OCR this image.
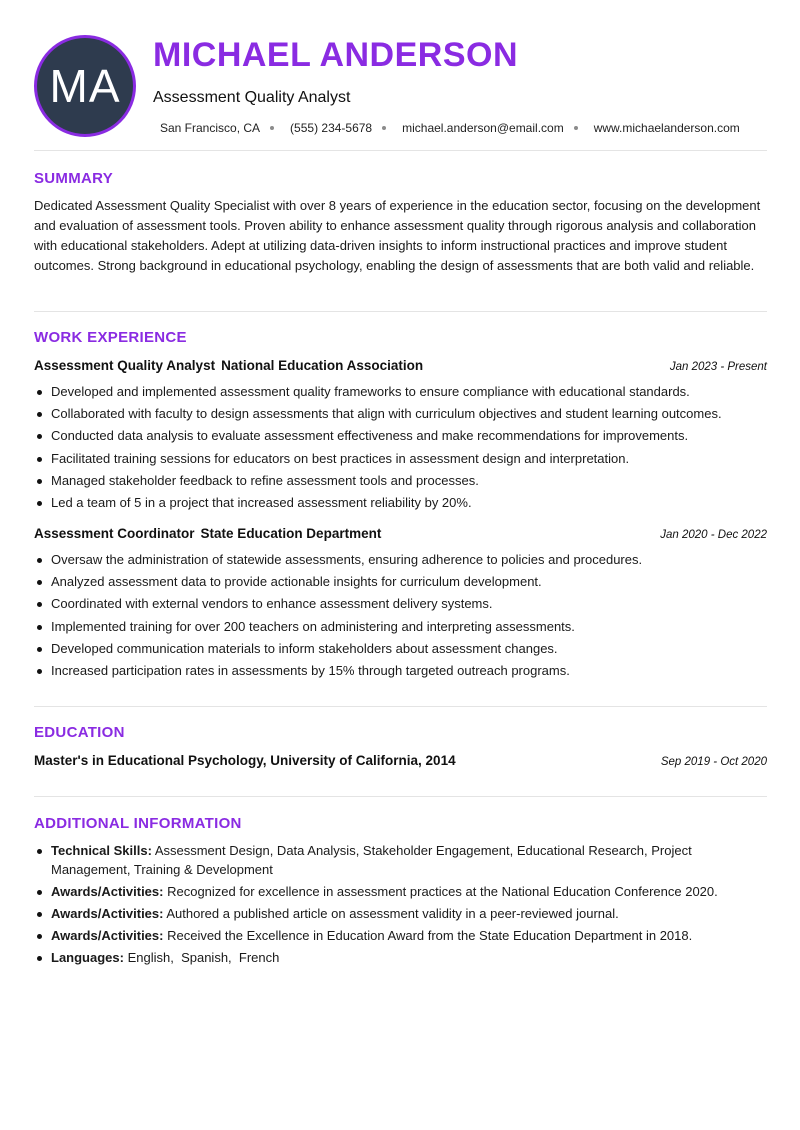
MA
MICHAEL ANDERSON
Assessment Quality Analyst
San Francisco, CA	(555) 234-5678	michael.anderson@email.com	www.michaelanderson.com
SUMMARY

Dedicated Assessment Quality Specialist with over 8 years of experience in the education sector, focusing on the development and evaluation of assessment tools. Proven ability to enhance assessment quality through rigorous analysis and collaboration with educational stakeholders. Adept at utilizing data-driven insights to inform instructional practices and improve student outcomes. Strong background in educational psychology, enabling the design of assessments that are both valid and reliable.

WORK EXPERIENCE
Assessment Quality Analyst National Education Association	Jan 2023 - Present
Developed and implemented assessment quality frameworks to ensure compliance with educational standards.
Collaborated with faculty to design assessments that align with curriculum objectives and student learning outcomes.
Conducted data analysis to evaluate assessment effectiveness and make recommendations for improvements.
Facilitated training sessions for educators on best practices in assessment design and interpretation.
Managed stakeholder feedback to refine assessment tools and processes.
Led a team of 5 in a project that increased assessment reliability by 20%.
Assessment Coordinator State Education Department	Jan 2020 - Dec 2022
Oversaw the administration of statewide assessments, ensuring adherence to policies and procedures.
Analyzed assessment data to provide actionable insights for curriculum development.
Coordinated with external vendors to enhance assessment delivery systems.
Implemented training for over 200 teachers on administering and interpreting assessments.
Developed communication materials to inform stakeholders about assessment changes.
Increased participation rates in assessments by 15% through targeted outreach programs.
EDUCATION
Master's in Educational Psychology, University of California, 2014	Sep 2019 - Oct 2020
ADDITIONAL INFORMATION
Technical Skills: Assessment Design, Data Analysis, Stakeholder Engagement, Educational Research, Project Management, Training & Development
Awards/Activities: Recognized for excellence in assessment practices at the National Education Conference 2020.
Awards/Activities: Authored a published article on assessment validity in a peer-reviewed journal.
Awards/Activities: Received the Excellence in Education Award from the State Education Department in 2018.
Languages: English,  Spanish,  French
